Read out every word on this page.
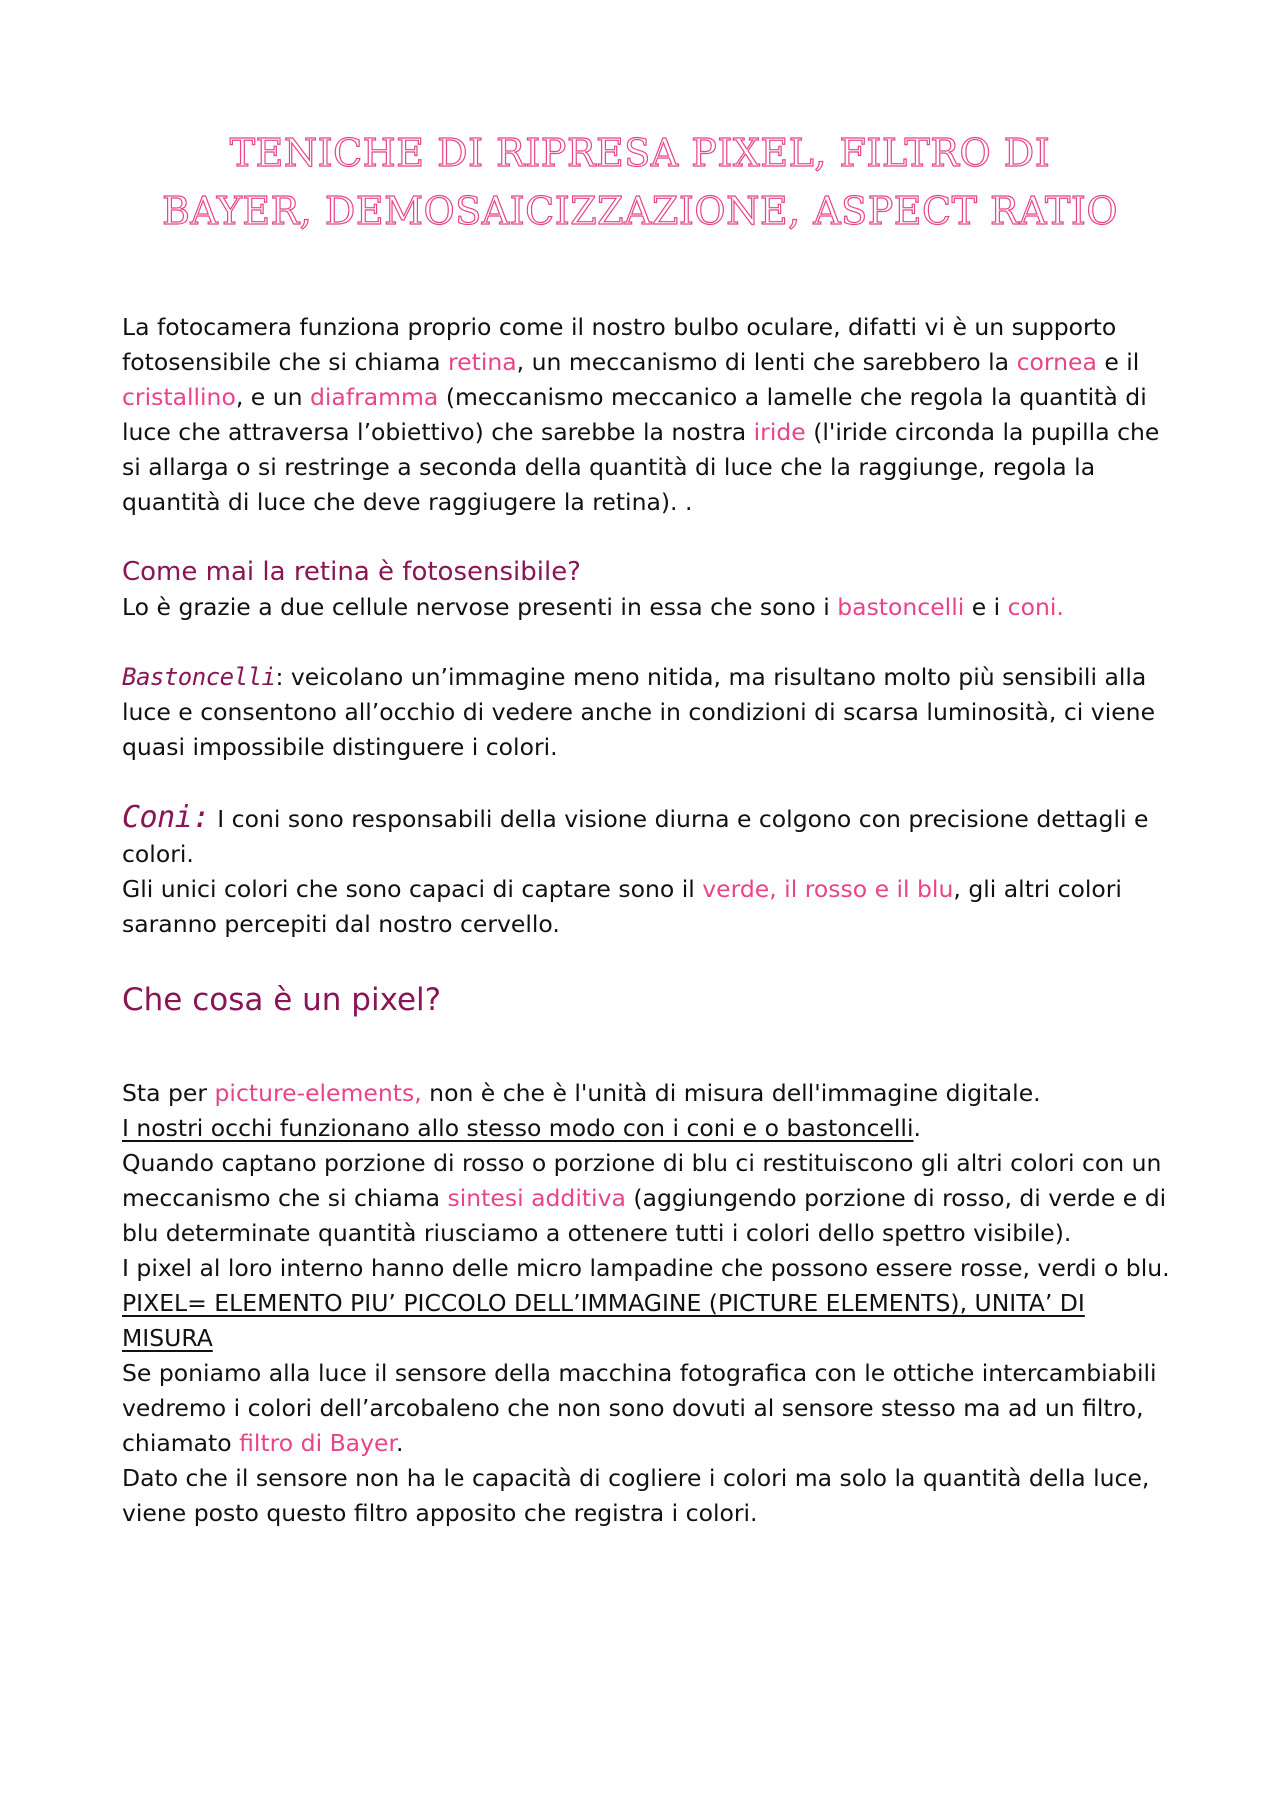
TENICHE DI RIPRESA PIXEL, FILTRO DI
BAYER, DEMOSAICIZZAZIONE, ASPECT RATIO

La fotocamera funziona proprio come il nostro bulbo oculare, difatti vi è un supporto fotosensibile che si chiama retina, un meccanismo di lenti che sarebbero la cornea e il cristallino, e un diaframma (meccanismo meccanico a lamelle che regola la quantità di luce che attraversa l’obiettivo) che sarebbe la nostra iride (l'iride circonda la pupilla che si allarga o si restringe a seconda della quantità di luce che la raggiunge, regola la quantità di luce che deve raggiugere la retina). .

Come mai la retina è fotosensibile?

Lo è grazie a due cellule nervose presenti in essa che sono i bastoncelli e i coni.

Bastoncelli: veicolano un’immagine meno nitida, ma risultano molto più sensibili alla luce e consentono all’occhio di vedere anche in condizioni di scarsa luminosità, ci viene quasi impossibile distinguere i colori.

Coni: I coni sono responsabili della visione diurna e colgono con precisione dettagli e colori.

Gli unici colori che sono capaci di captare sono il verde, il rosso e il blu, gli altri colori saranno percepiti dal nostro cervello.

Che cosa è un pixel?

Sta per picture-elements, non è che è l'unità di misura dell'immagine digitale.

I nostri occhi funzionano allo stesso modo con i coni e o bastoncelli.

Quando captano porzione di rosso o porzione di blu ci restituiscono gli altri colori con un meccanismo che si chiama sintesi additiva (aggiungendo porzione di rosso, di verde e di blu determinate quantità riusciamo a ottenere tutti i colori dello spettro visibile).

I pixel al loro interno hanno delle micro lampadine che possono essere rosse, verdi o blu.

PIXEL= ELEMENTO PIU’ PICCOLO DELL’IMMAGINE (PICTURE ELEMENTS), UNITA’ DI MISURA

Se poniamo alla luce il sensore della macchina fotografica con le ottiche intercambiabili vedremo i colori dell’arcobaleno che non sono dovuti al sensore stesso ma ad un filtro, chiamato filtro di Bayer.

Dato che il sensore non ha le capacità di cogliere i colori ma solo la quantità della luce, viene posto questo filtro apposito che registra i colori.
